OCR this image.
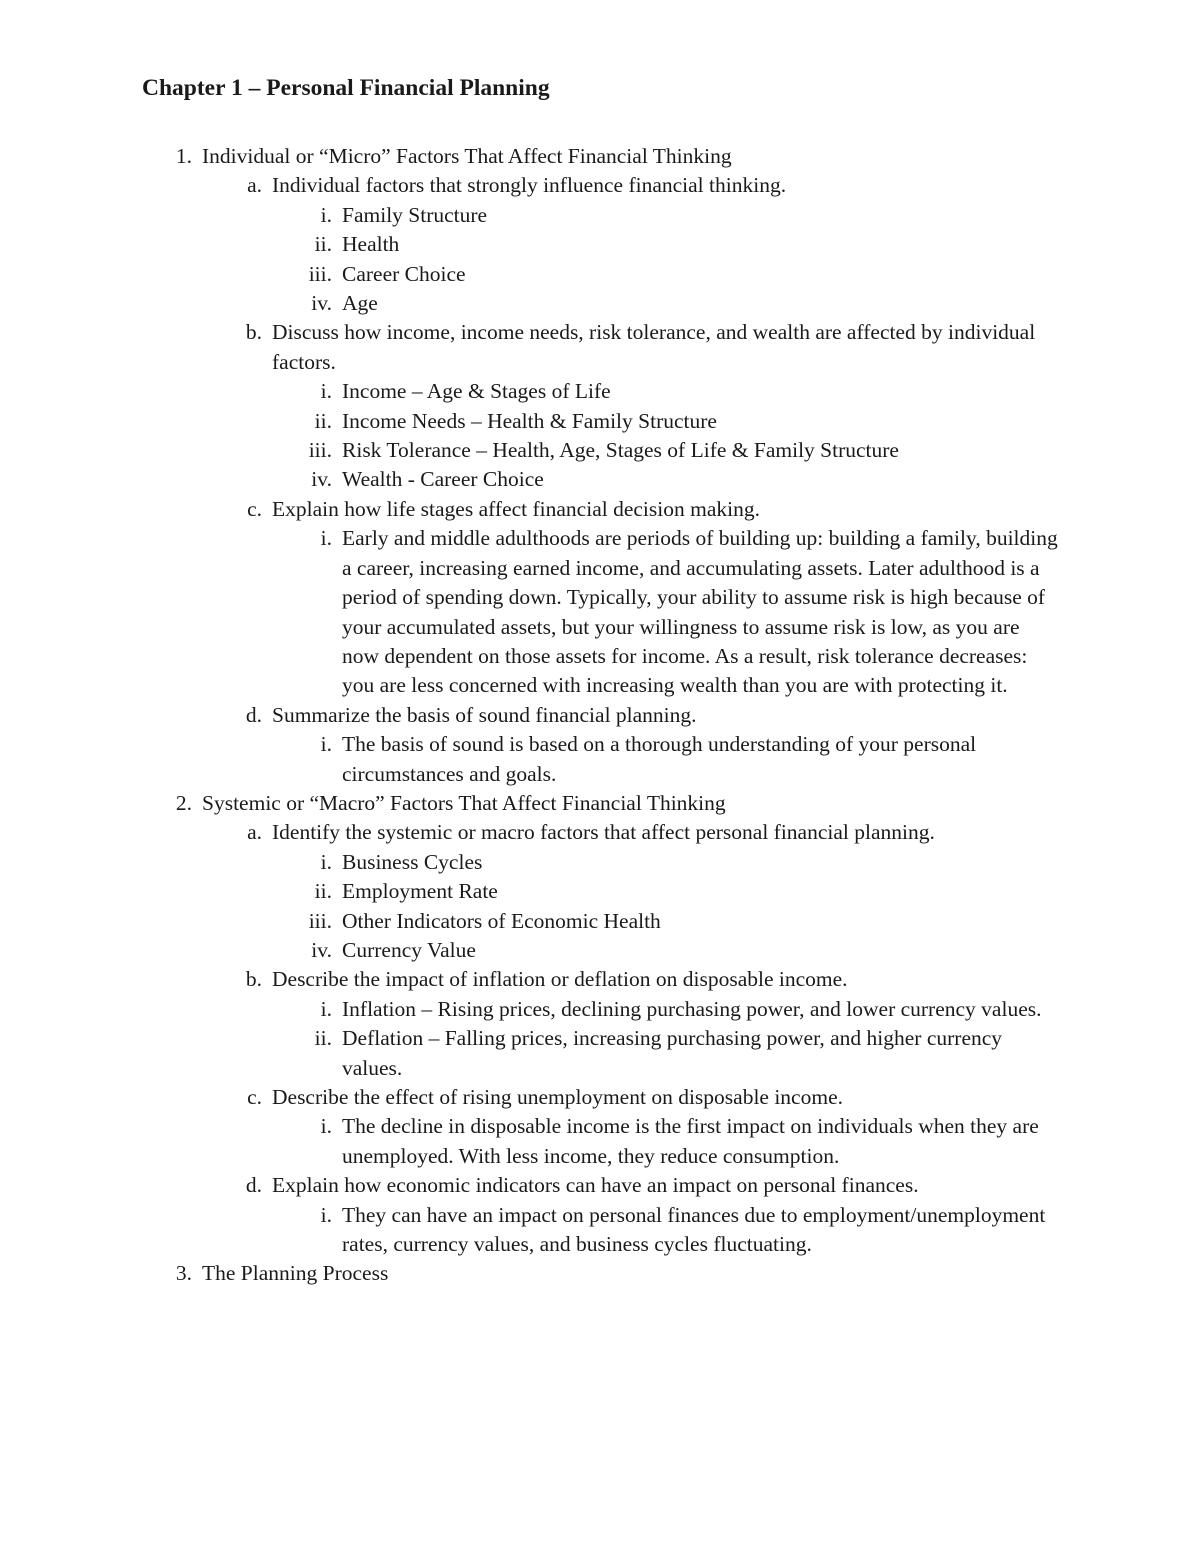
Chapter 1 – Personal Financial Planning
1. Individual or “Micro” Factors That Affect Financial Thinking
a. Individual factors that strongly influence financial thinking.
i. Family Structure
ii. Health
iii. Career Choice
iv. Age
b. Discuss how income, income needs, risk tolerance, and wealth are affected by individual factors.
i. Income – Age & Stages of Life
ii. Income Needs – Health & Family Structure
iii. Risk Tolerance – Health, Age, Stages of Life & Family Structure
iv. Wealth - Career Choice
c. Explain how life stages affect financial decision making.
i. Early and middle adulthoods are periods of building up: building a family, building a career, increasing earned income, and accumulating assets. Later adulthood is a period of spending down. Typically, your ability to assume risk is high because of your accumulated assets, but your willingness to assume risk is low, as you are now dependent on those assets for income. As a result, risk tolerance decreases: you are less concerned with increasing wealth than you are with protecting it.
d. Summarize the basis of sound financial planning.
i. The basis of sound is based on a thorough understanding of your personal circumstances and goals.
2. Systemic or “Macro” Factors That Affect Financial Thinking
a. Identify the systemic or macro factors that affect personal financial planning.
i. Business Cycles
ii. Employment Rate
iii. Other Indicators of Economic Health
iv. Currency Value
b. Describe the impact of inflation or deflation on disposable income.
i. Inflation – Rising prices, declining purchasing power, and lower currency values.
ii. Deflation – Falling prices, increasing purchasing power, and higher currency values.
c. Describe the effect of rising unemployment on disposable income.
i. The decline in disposable income is the first impact on individuals when they are unemployed. With less income, they reduce consumption.
d. Explain how economic indicators can have an impact on personal finances.
i. They can have an impact on personal finances due to employment/unemployment rates, currency values, and business cycles fluctuating.
3. The Planning Process
